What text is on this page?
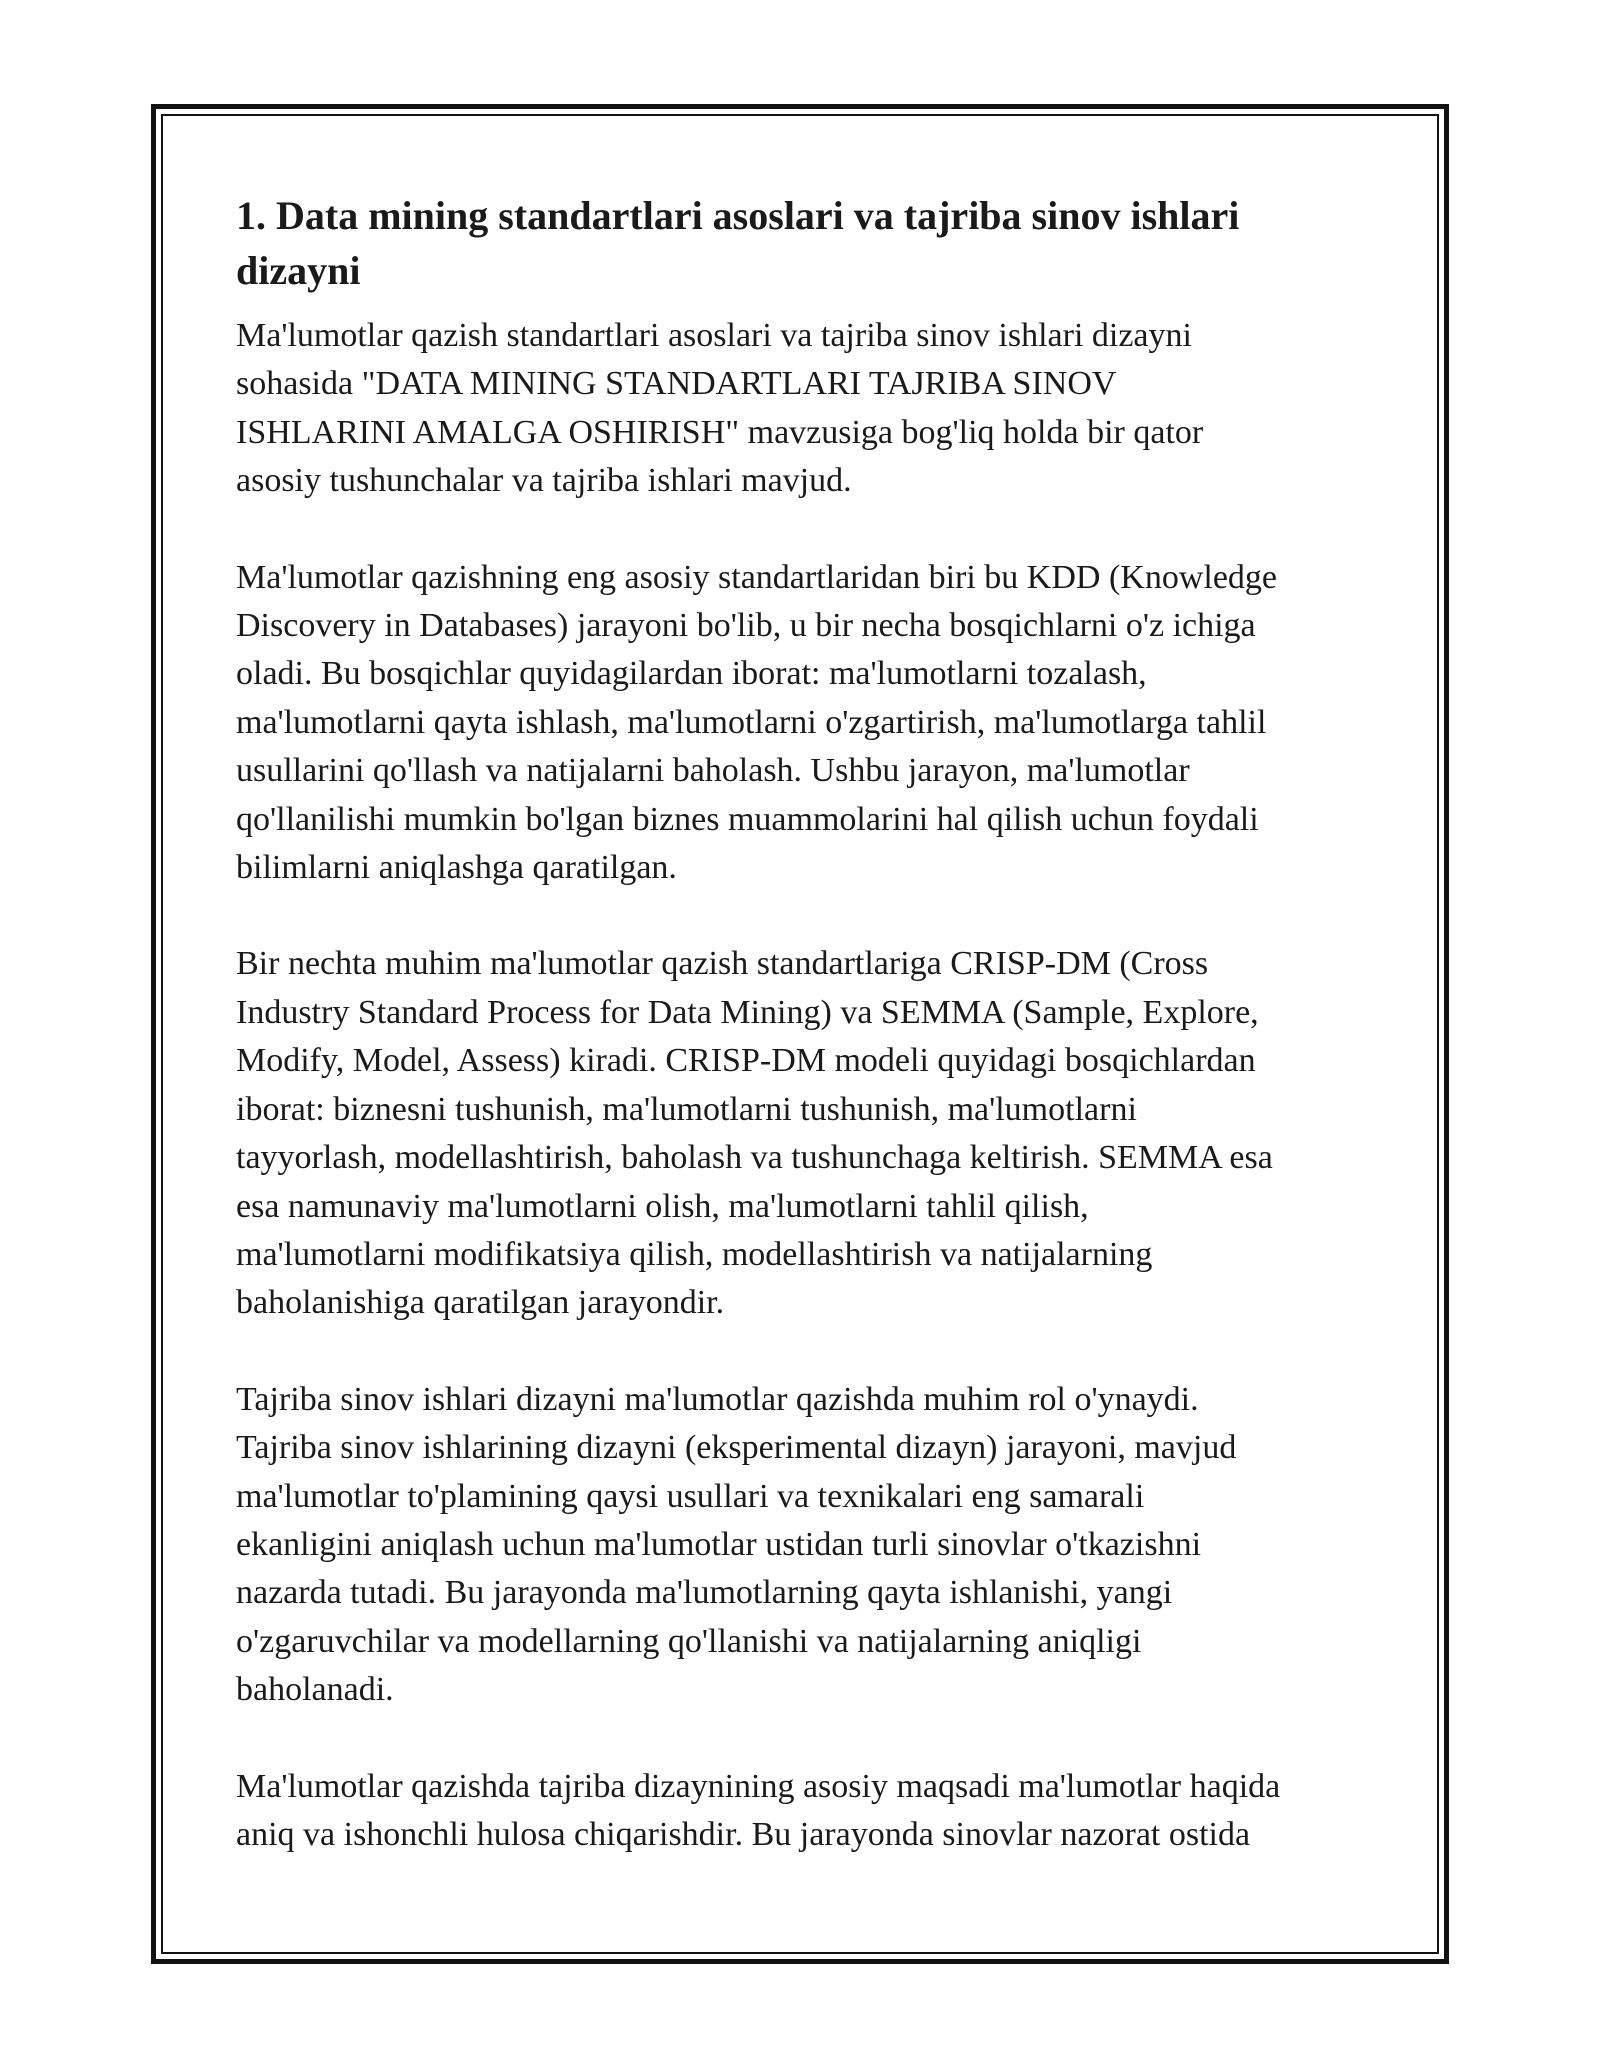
1. Data mining standartlari asoslari va tajriba sinov ishlari
dizayni

Ma'lumotlar qazish standartlari asoslari va tajriba sinov ishlari dizayni
sohasida "DATA MINING STANDARTLARI TAJRIBA SINOV
ISHLARINI AMALGA OSHIRISH" mavzusiga bog'liq holda bir qator
asosiy tushunchalar va tajriba ishlari mavjud.

Ma'lumotlar qazishning eng asosiy standartlaridan biri bu KDD (Knowledge
Discovery in Databases) jarayoni bo'lib, u bir necha bosqichlarni o'z ichiga
oladi. Bu bosqichlar quyidagilardan iborat: ma'lumotlarni tozalash,
ma'lumotlarni qayta ishlash, ma'lumotlarni o'zgartirish, ma'lumotlarga tahlil
usullarini qo'llash va natijalarni baholash. Ushbu jarayon, ma'lumotlar
qo'llanilishi mumkin bo'lgan biznes muammolarini hal qilish uchun foydali
bilimlarni aniqlashga qaratilgan.

Bir nechta muhim ma'lumotlar qazish standartlariga CRISP-DM (Cross
Industry Standard Process for Data Mining) va SEMMA (Sample, Explore,
Modify, Model, Assess) kiradi. CRISP-DM modeli quyidagi bosqichlardan
iborat: biznesni tushunish, ma'lumotlarni tushunish, ma'lumotlarni
tayyorlash, modellashtirish, baholash va tushunchaga keltirish. SEMMA esa
esa namunaviy ma'lumotlarni olish, ma'lumotlarni tahlil qilish,
ma'lumotlarni modifikatsiya qilish, modellashtirish va natijalarning
baholanishiga qaratilgan jarayondir.

Tajriba sinov ishlari dizayni ma'lumotlar qazishda muhim rol o'ynaydi.
Tajriba sinov ishlarining dizayni (eksperimental dizayn) jarayoni, mavjud
ma'lumotlar to'plamining qaysi usullari va texnikalari eng samarali
ekanligini aniqlash uchun ma'lumotlar ustidan turli sinovlar o'tkazishni
nazarda tutadi. Bu jarayonda ma'lumotlarning qayta ishlanishi, yangi
o'zgaruvchilar va modellarning qo'llanishi va natijalarning aniqligi
baholanadi.

Ma'lumotlar qazishda tajriba dizaynining asosiy maqsadi ma'lumotlar haqida
aniq va ishonchli hulosa chiqarishdir. Bu jarayonda sinovlar nazorat ostida
